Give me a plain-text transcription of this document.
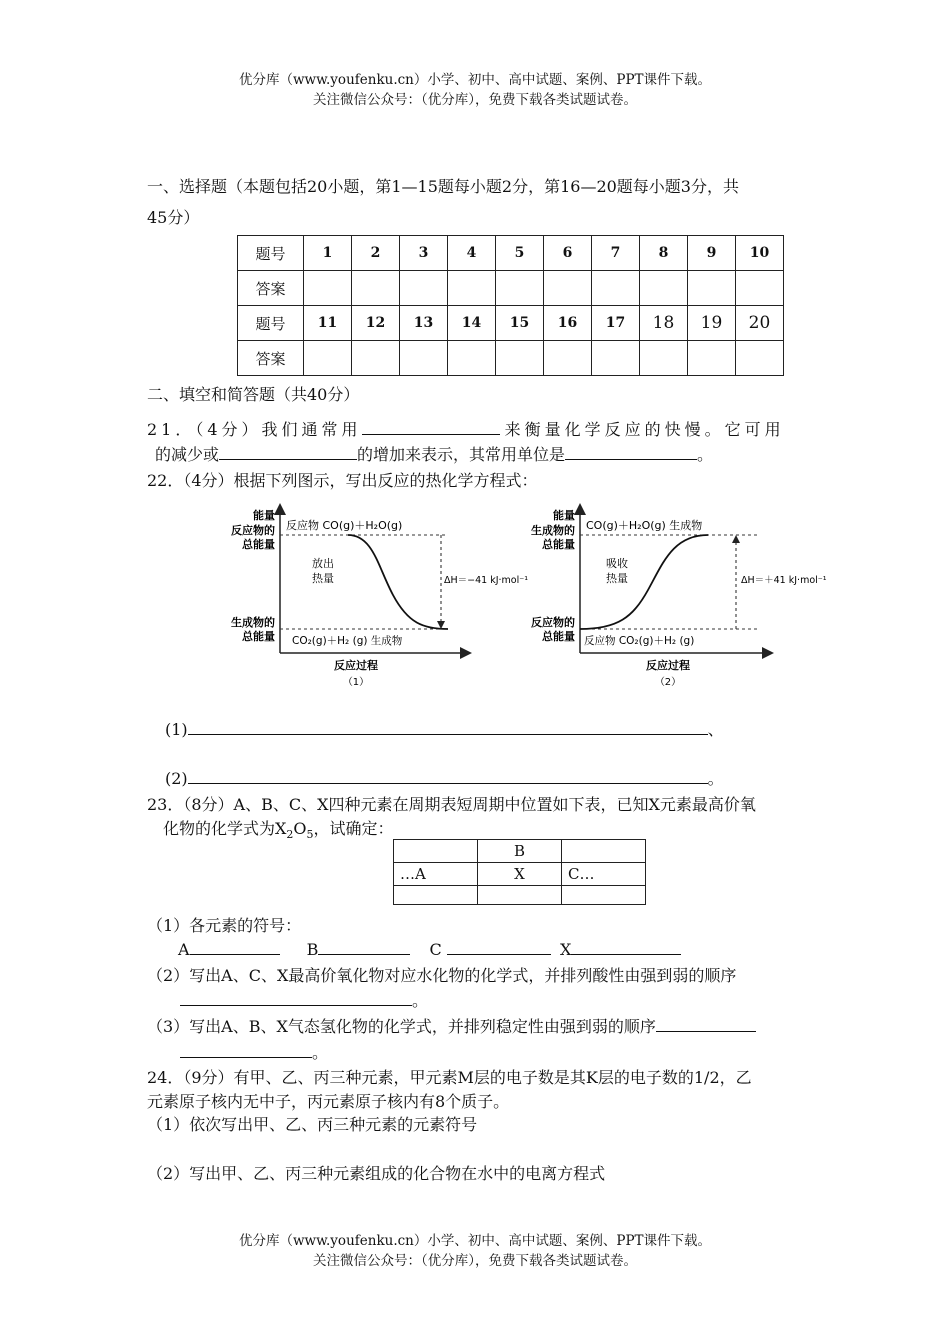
优分库（www.youfenku.cn）小学、初中、高中试题、案例、PPT课件下载。
关注微信公众号：（优分库），免费下载各类试题试卷。
一、选择题（本题包括20小题，第1—15题每小题2分，第16—20题每小题3分，共
45分）
题号	1	2	3	4	5	6	7	8	9	10
答案										
题号	11	12	13	14	15	16	17	18	19	20
答案										
二、填空和简答题（共40分）
21．（4分）我们通常用	来衡量化学反应的快慢。它可用
的减少或	的增加来表示，其常用单位是	。
22．（4分）根据下列图示，写出反应的热化学方程式：
能量
反应物的
总能量
生成物的
总能量
反应物 CO(g)＋H₂O(g)
CO₂(g)＋H₂ (g) 生成物
放出
热量	ΔH＝−41 kJ·mol⁻¹
反应过程
（1）
能量
生成物的
总能量
反应物的
总能量
CO(g)＋H₂O(g) 生成物
反应物 CO₂(g)＋H₂ (g)
吸收
热量	ΔH＝＋41 kJ·mol⁻¹
反应过程
（2）
(1)	、
(2)	。
23．（8分）A、B、C、X四种元素在周期表短周期中位置如下表，已知X元素最高价氧
化物的化学式为$X_2O_5$，试确定：
	B	
…A	X	C…

（1）各元素的符号：
A	B	C	X
（2）写出A、C、X最高价氧化物对应水化物的化学式，并排列酸性由强到弱的顺序
。
（3）写出A、B、X气态氢化物的化学式，并排列稳定性由强到弱的顺序
。
24．（9分）有甲、乙、丙三种元素，甲元素M层的电子数是其K层的电子数的1/2，乙
元素原子核内无中子，丙元素原子核内有8个质子。
（1）依次写出甲、乙、丙三种元素的元素符号
（2）写出甲、乙、丙三种元素组成的化合物在水中的电离方程式
优分库（www.youfenku.cn）小学、初中、高中试题、案例、PPT课件下载。
关注微信公众号：（优分库），免费下载各类试题试卷。
